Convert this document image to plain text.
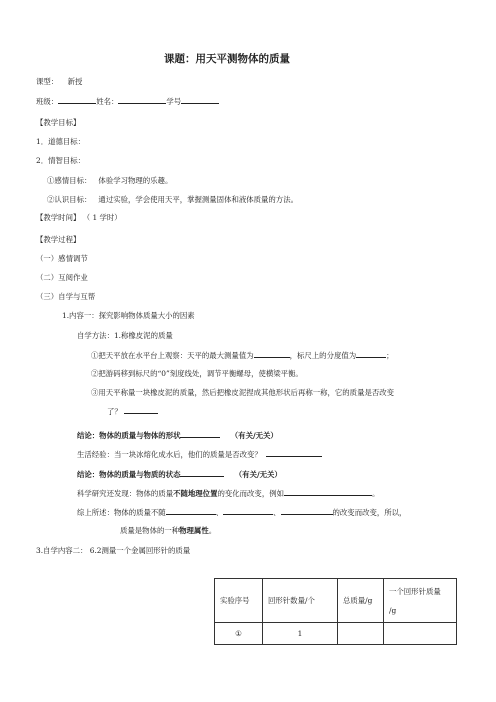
课题：用天平测物体的质量
课型： 新授
班级：	姓名：	学号
【教学目标】
1．道德目标：
2．情智目标：
①感情目标： 体验学习物理的乐趣。
②认识目标： 通过实验，学会使用天平，掌握测量固体和液体质量的方法。
【教学时间】 （ 1 学时）
【教学过程】
（一）感情调节
（二）互阅作业
（三）自学与互帮
1.内容一：探究影响物体质量大小的因素
自学方法：1.称橡皮泥的质量
①把天平放在水平台上观察：天平的最大测量值为	，标尺上的分度值为	；
②把游码移到标尺的“0”刻度线处，调节平衡螺母，使横梁平衡。
③用天平称量一块橡皮泥的质量，然后把橡皮泥捏成其他形状后再称一称，它的质量是否改变
了？
结论：物体的质量与物体的形状	（有关/无关）
生活经验：当一块冰熔化成水后，他们的质量是否改变？
结论：物体的质量与物质的状态	（有关/无关）
科学研究还发现：物体的质量不随地理位置的变化而改变，例如	。
综上所述：物体的质量不随	、	、	的改变而改变，所以，
质量是物体的一种物理属性。
3.自学内容二： 6.2测量一个金属回形针的质量
实验序号	回形针数量/个	总质量/g	一个回形针质量
/g
①	1		
